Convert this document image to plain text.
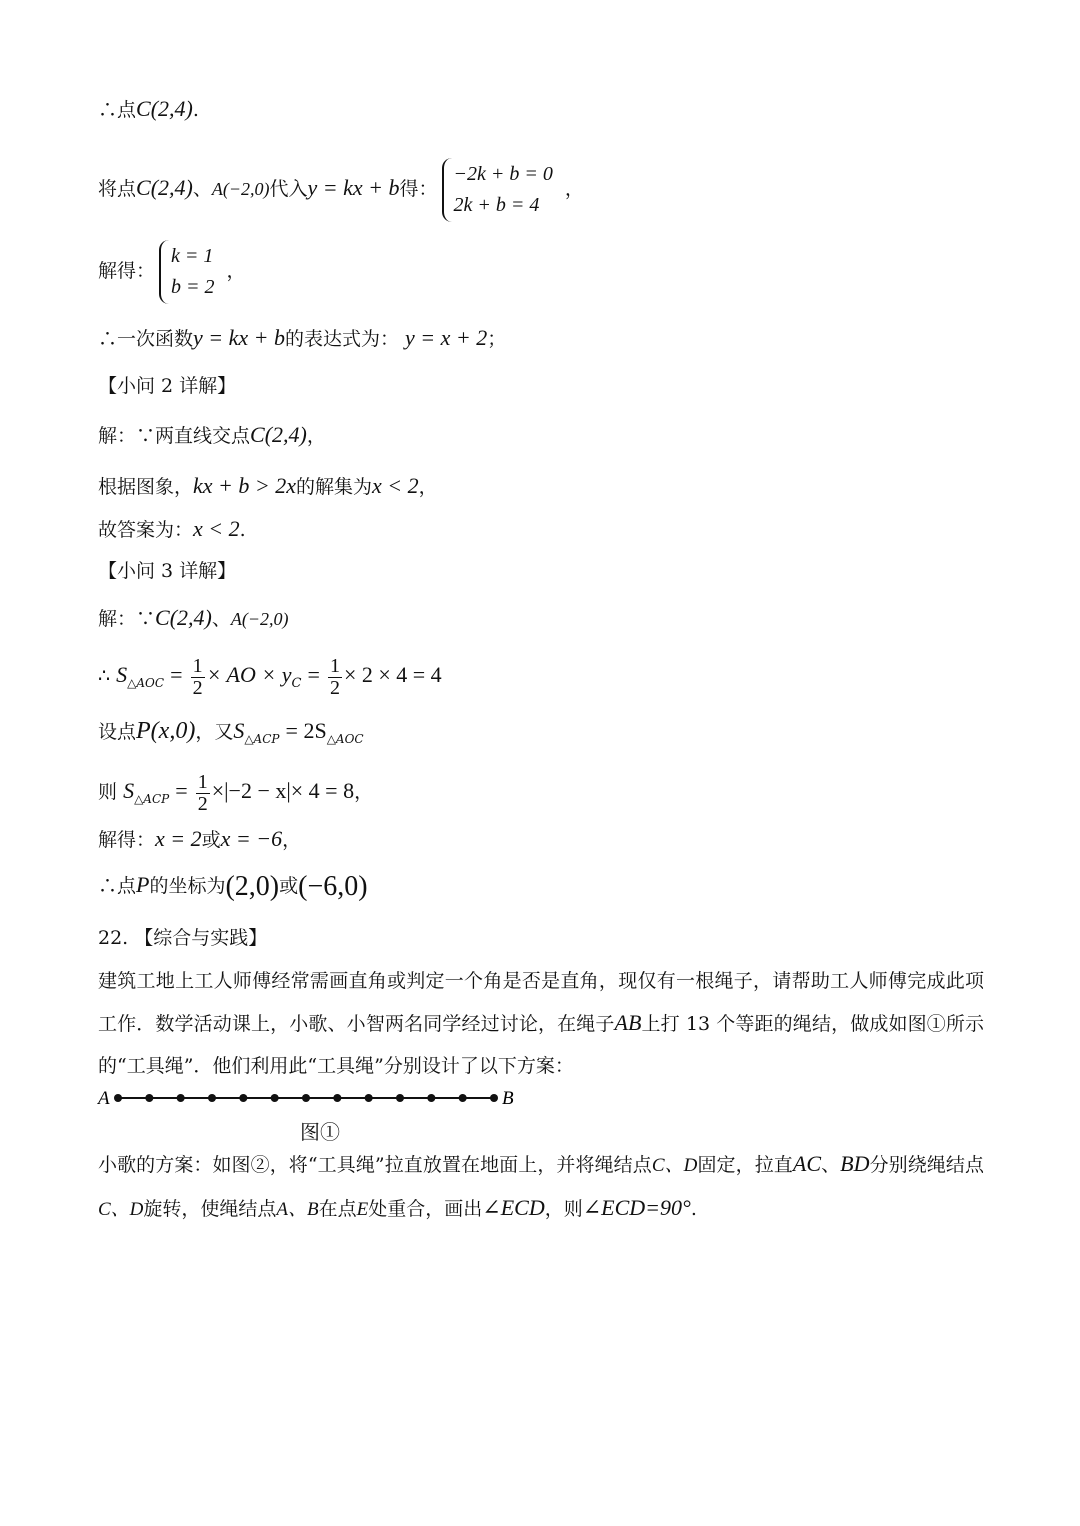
∴点C(2,4).
将点C(2,4)、A(−2,0)代入y = kx + b得：
−2k + b = 0
2k + b = 4
，
解得：
k = 1
b = 2
，
∴一次函数y = kx + b的表达式为： y = x + 2；
【小问 2 详解】
解：∵两直线交点C(2,4)，
根据图象，kx + b > 2x的解集为x < 2，
故答案为：x < 2.
【小问 3 详解】
解：∵C(2,4)、A(−2,0)
∴ $S_{\triangle AOC} = \frac{1}{2}$ × AO × $y_C = \frac{1}{2} \times 2 \times 4 = 4$
设点P(x,0)，又$S_{\triangle ACP} = 2S_{\triangle AOC}$
则 $S_{\triangle ACP} = \frac{1}{2} \times|-2 - x|\times 4 = 8$，
解得：x = 2或x = −6，
∴点P的坐标为(2,0)或(−6,0)
22. 【综合与实践】
建筑工地上工人师傅经常需画直角或判定一个角是否是直角，现仅有一根绳子，请帮助工人师傅完成此项工作．数学活动课上，小歌、小智两名同学经过讨论，在绳子AB上打 13 个等距的绳结，做成如图①所示的“工具绳”．他们利用此“工具绳”分别设计了以下方案：
A	B
图①
小歌的方案：如图②，将“工具绳”拉直放置在地面上，并将绳结点C、D固定，拉直AC、BD分别绕绳结点C、D旋转，使绳结点A、B在点E处重合，画出∠ECD，则∠ECD=90°.
